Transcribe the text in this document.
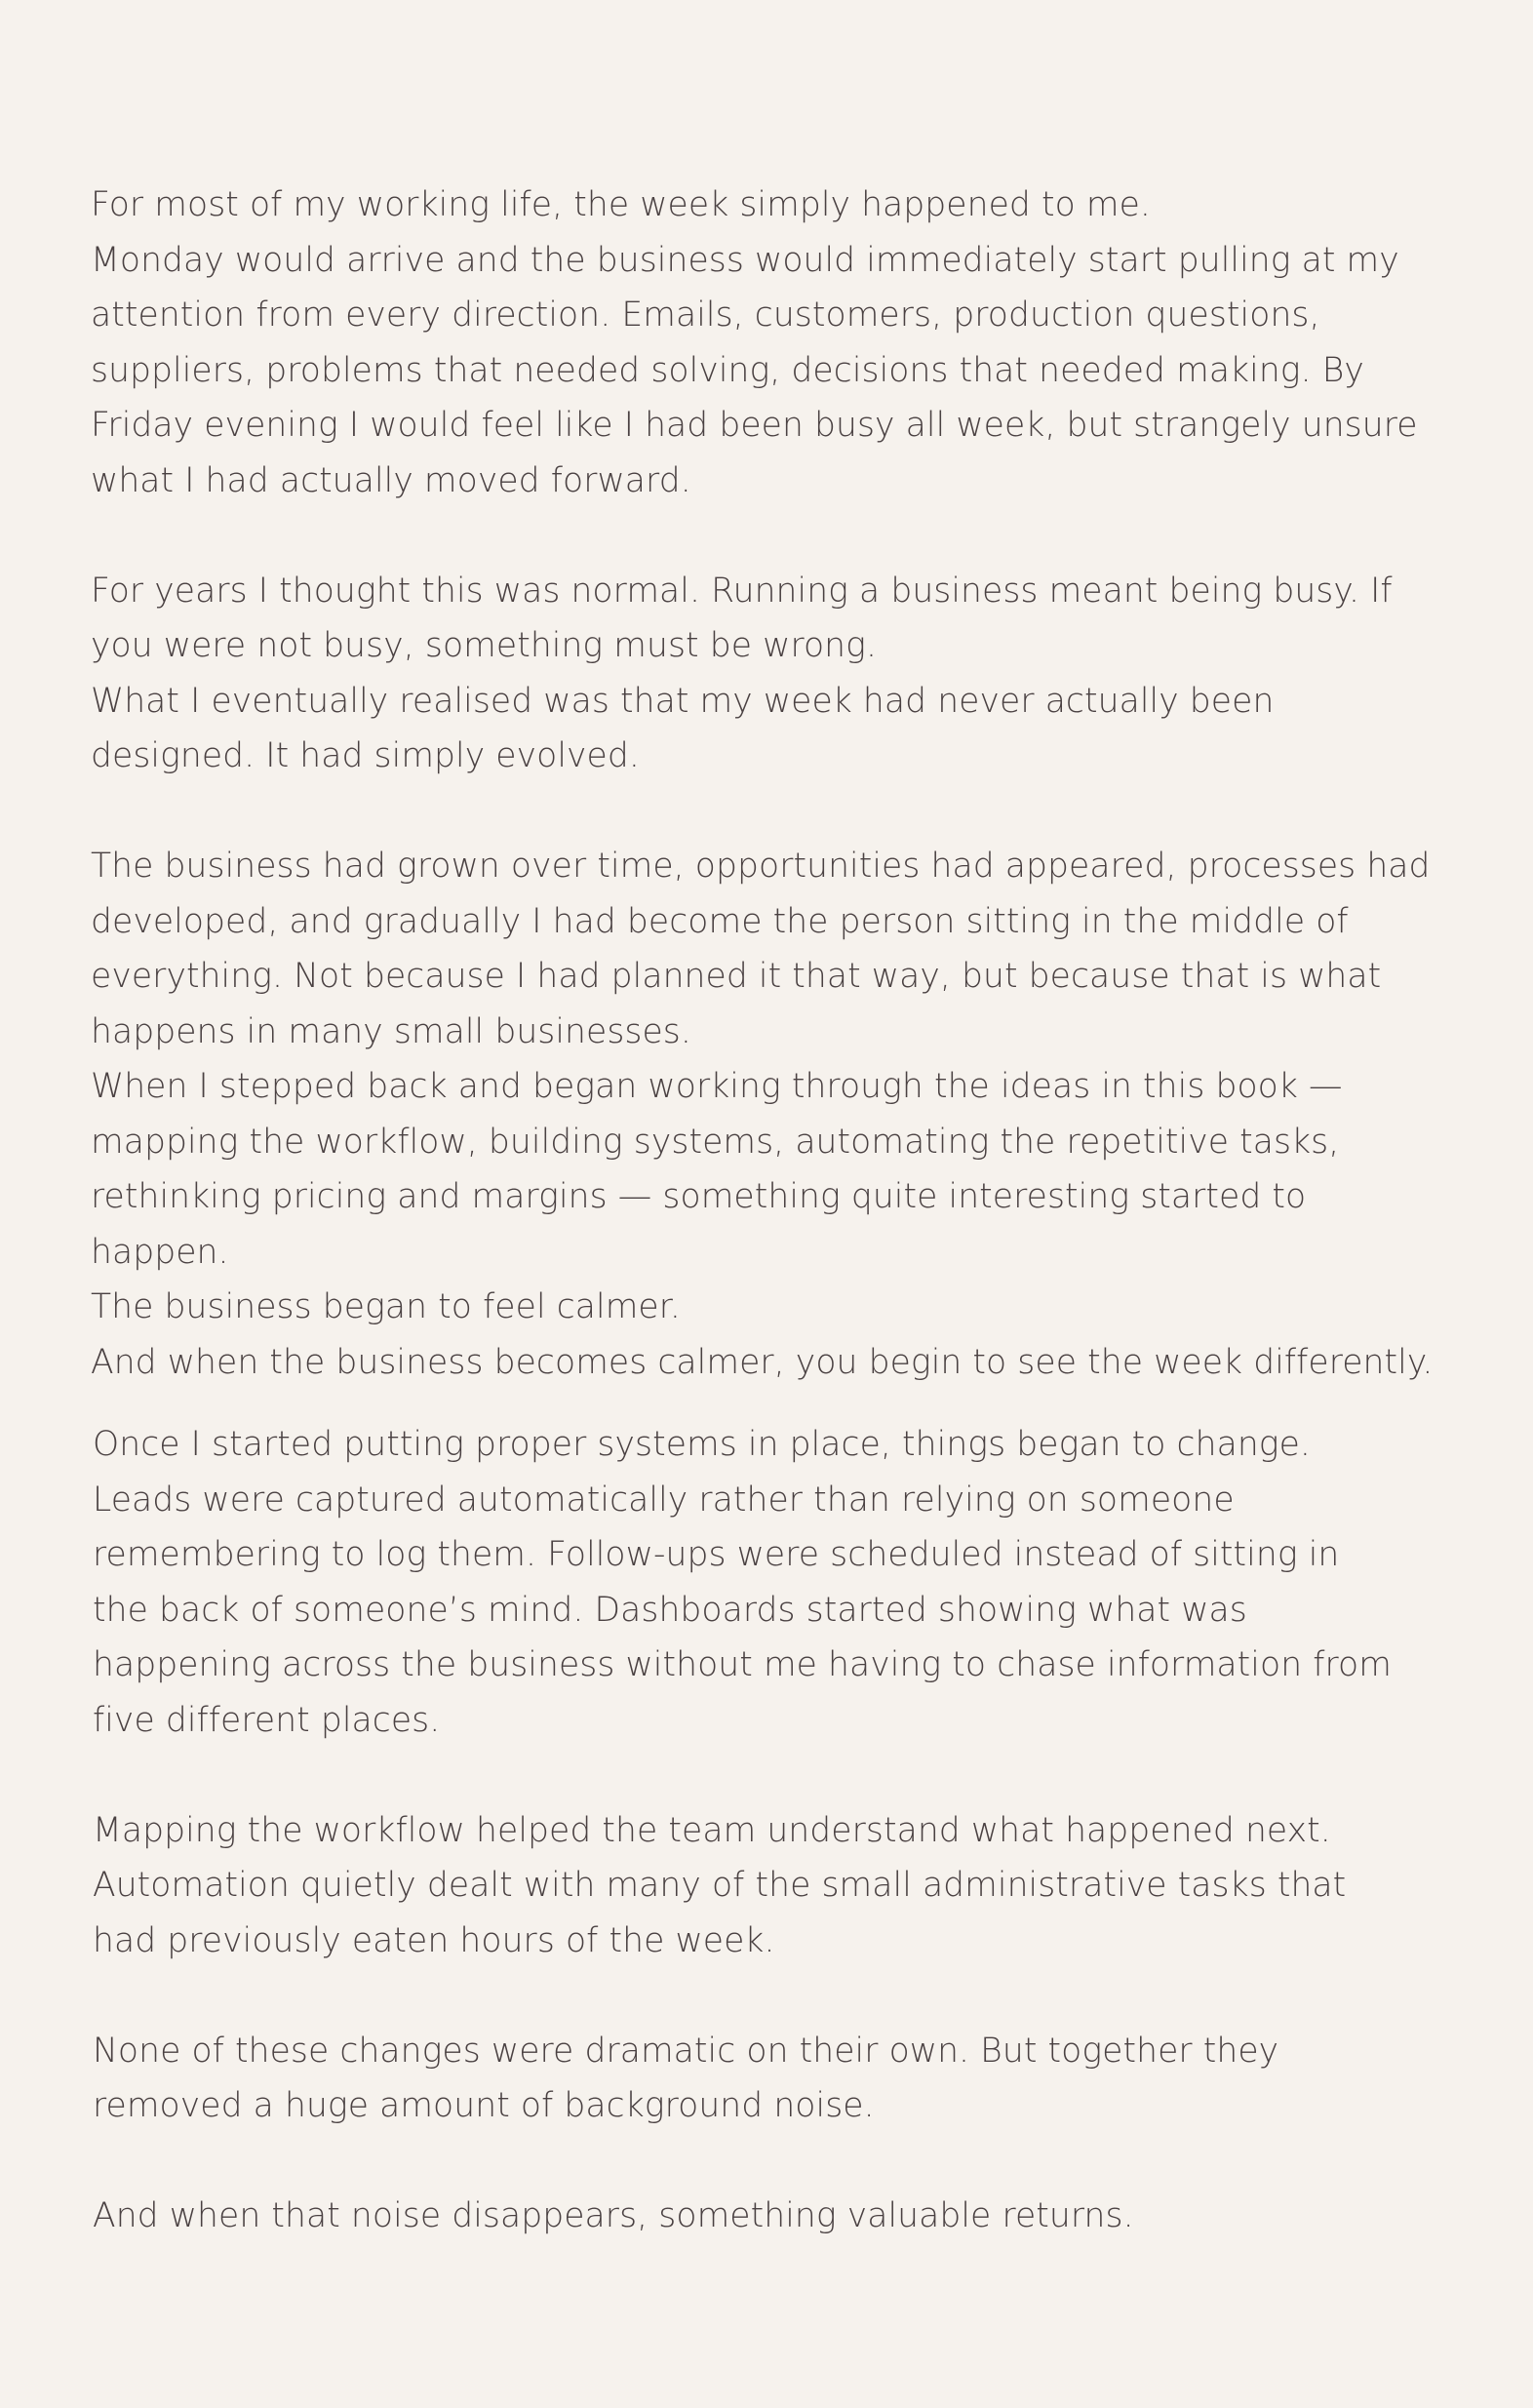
For most of my working life, the week simply happened to me.

Monday would arrive and the business would immediately start pulling at my

attention from every direction. Emails, customers, production questions,

suppliers, problems that needed solving, decisions that needed making. By

Friday evening I would feel like I had been busy all week, but strangely unsure

what I had actually moved forward.

For years I thought this was normal. Running a business meant being busy. If

you were not busy, something must be wrong.

What I eventually realised was that my week had never actually been

designed. It had simply evolved.

The business had grown over time, opportunities had appeared, processes had

developed, and gradually I had become the person sitting in the middle of

everything. Not because I had planned it that way, but because that is what

happens in many small businesses.

When I stepped back and began working through the ideas in this book —

mapping the workflow, building systems, automating the repetitive tasks,

rethinking pricing and margins — something quite interesting started to

happen.

The business began to feel calmer.

And when the business becomes calmer, you begin to see the week differently.

Once I started putting proper systems in place, things began to change.

Leads were captured automatically rather than relying on someone

remembering to log them. Follow-ups were scheduled instead of sitting in

the back of someone’s mind. Dashboards started showing what was

happening across the business without me having to chase information from

five different places.

Mapping the workflow helped the team understand what happened next.

Automation quietly dealt with many of the small administrative tasks that

had previously eaten hours of the week.

None of these changes were dramatic on their own. But together they

removed a huge amount of background noise.

And when that noise disappears, something valuable returns.
